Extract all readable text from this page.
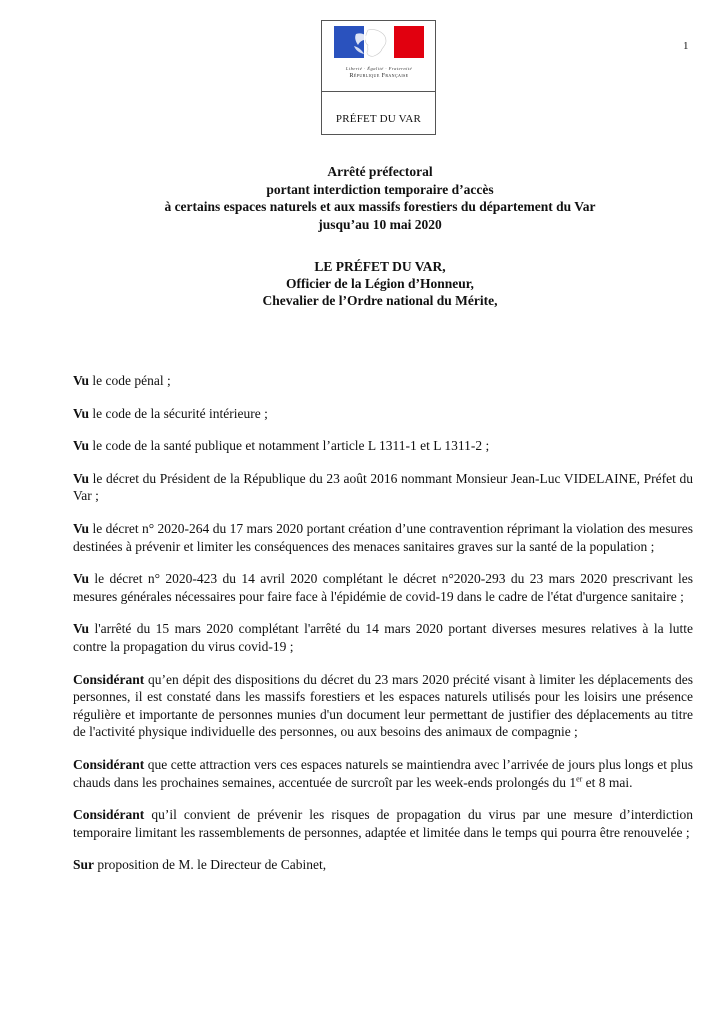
Liberté · Égalité · Fraternité
République Française
PRÉFET DU VAR
1
Arrêté préfectoral
portant interdiction temporaire d’accès
à certains espaces naturels et aux massifs forestiers du département du Var
jusqu’au 10 mai 2020
LE PRÉFET DU VAR,
Officier de la Légion d’Honneur,
Chevalier de l’Ordre national du Mérite,

Vu le code pénal ;

Vu le code de la sécurité intérieure ;

Vu le code de la santé publique et notamment l’article L 1311-1 et L 1311-2 ;

Vu le décret du Président de la République du 23 août 2016 nommant Monsieur Jean-Luc VIDELAINE, Préfet du Var ;

Vu le décret n° 2020-264 du 17 mars 2020 portant création d’une contravention réprimant la violation des mesures destinées à prévenir et limiter les conséquences des menaces sanitaires graves sur la santé de la population ;

Vu le décret n° 2020-423 du 14 avril 2020 complétant le décret n°2020-293 du 23 mars 2020 prescrivant les mesures générales nécessaires pour faire face à l'épidémie de covid-19 dans le cadre de l'état d'urgence sanitaire ;

Vu l'arrêté du 15 mars 2020 complétant l'arrêté du 14 mars 2020 portant diverses mesures relatives à la lutte contre la propagation du virus covid-19 ;

Considérant qu’en dépit des dispositions du décret du 23 mars 2020 précité visant à limiter les déplacements des personnes, il est constaté dans les massifs forestiers et les espaces naturels utilisés pour les loisirs une présence régulière et importante de personnes munies d'un document leur permettant de justifier des déplacements au titre de l'activité physique individuelle des personnes, ou aux besoins des animaux de compagnie ;

Considérant que cette attraction vers ces espaces naturels se maintiendra avec l’arrivée de jours plus longs et plus chauds dans les prochaines semaines, accentuée de surcroît par les week-ends prolongés du 1er et 8 mai.

Considérant qu’il convient de prévenir les risques de propagation du virus par une mesure d’interdiction temporaire limitant les rassemblements de personnes, adaptée et limitée dans le temps qui pourra être renouvelée ;

Sur proposition de M. le Directeur de Cabinet,
